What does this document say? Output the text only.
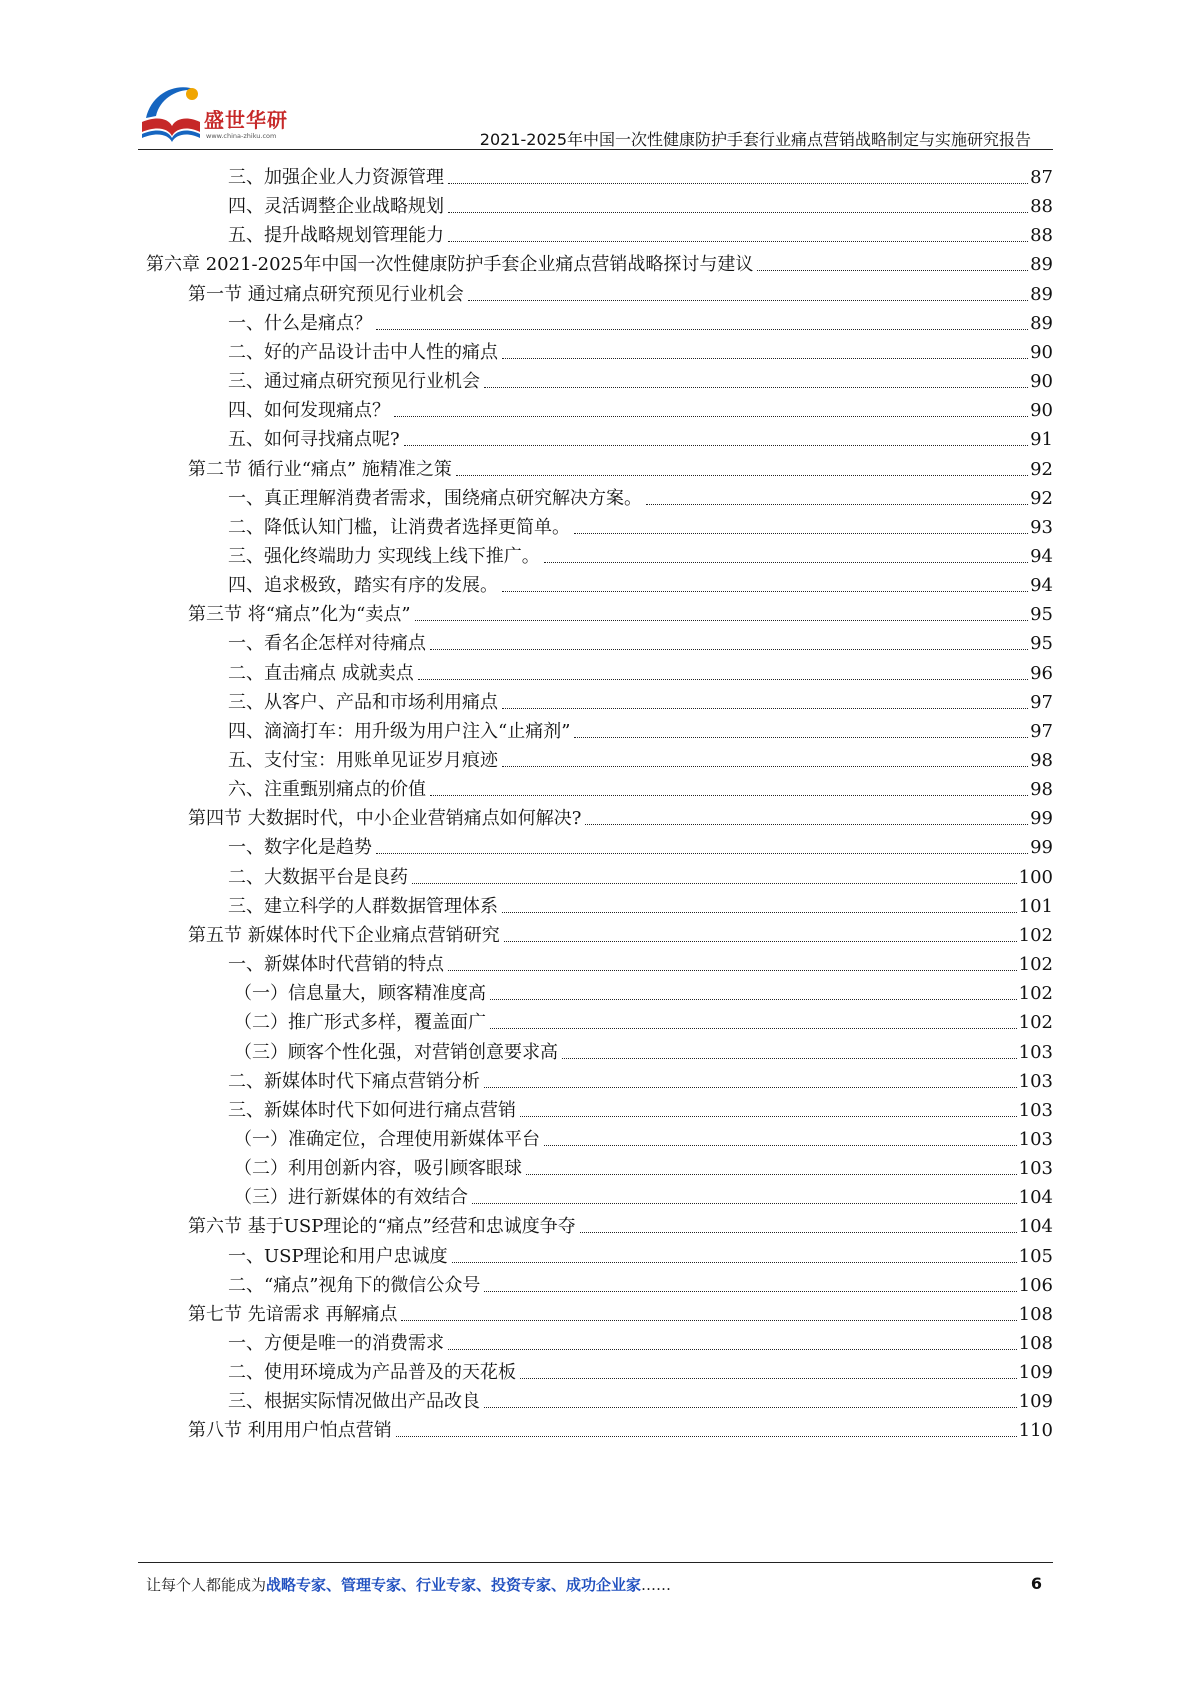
盛世华研
www.china-zhiku.com	2021-2025年中国一次性健康防护手套行业痛点营销战略制定与实施研究报告
三、加强企业人力资源管理	87
四、灵活调整企业战略规划	88
五、提升战略规划管理能力	88
第六章 2021-2025年中国一次性健康防护手套企业痛点营销战略探讨与建议	89
第一节 通过痛点研究预见行业机会	89
一、什么是痛点？	89
二、好的产品设计击中人性的痛点	90
三、通过痛点研究预见行业机会	90
四、如何发现痛点？	90
五、如何寻找痛点呢?	91
第二节 循行业“痛点” 施精准之策	92
一、真正理解消费者需求，围绕痛点研究解决方案。	92
二、降低认知门槛，让消费者选择更简单。	93
三、强化终端助力 实现线上线下推广。	94
四、追求极致，踏实有序的发展。	94
第三节 将“痛点”化为“卖点”	95
一、看名企怎样对待痛点	95
二、直击痛点 成就卖点	96
三、从客户、产品和市场利用痛点	97
四、滴滴打车：用升级为用户注入“止痛剂”	97
五、支付宝：用账单见证岁月痕迹	98
六、注重甄别痛点的价值	98
第四节 大数据时代，中小企业营销痛点如何解决?	99
一、数字化是趋势	99
二、大数据平台是良药	100
三、建立科学的人群数据管理体系	101
第五节 新媒体时代下企业痛点营销研究	102
一、新媒体时代营销的特点	102
（一）信息量大，顾客精准度高	102
（二）推广形式多样，覆盖面广	102
（三）顾客个性化强，对营销创意要求高	103
二、新媒体时代下痛点营销分析	103
三、新媒体时代下如何进行痛点营销	103
（一）准确定位，合理使用新媒体平台	103
（二）利用创新内容，吸引顾客眼球	103
（三）进行新媒体的有效结合	104
第六节 基于USP理论的“痛点”经营和忠诚度争夺	104
一、USP理论和用户忠诚度	105
二、“痛点”视角下的微信公众号	106
第七节 先谙需求 再解痛点	108
一、方便是唯一的消费需求	108
二、使用环境成为产品普及的天花板	109
三、根据实际情况做出产品改良	109
第八节 利用用户怕点营销	110
让每个人都能成为战略专家、管理专家、行业专家、投资专家、成功企业家……	6
